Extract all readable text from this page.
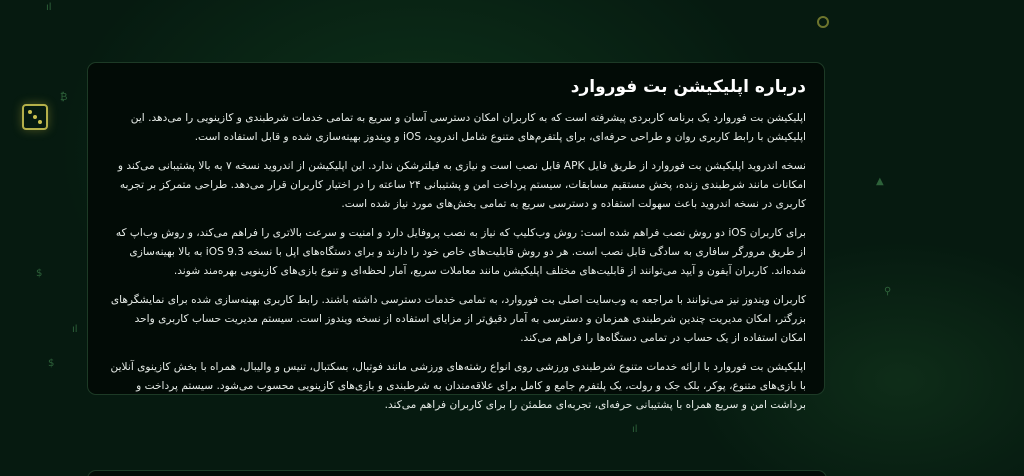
ıl
$
$
₿
▲
⚲
ıl
ıl
درباره اپلیکیشن بت فوروارد

اپلیکیشن بت فوروارد یک برنامه کاربردی پیشرفته است که به کاربران امکان دسترسی آسان و سریع به تمامی خدمات شرطبندی و کازینویی را می‌دهد. این اپلیکیشن با رابط کاربری روان و طراحی حرفه‌ای، برای پلتفرم‌های متنوع شامل اندروید، iOS و ویندوز بهینه‌سازی شده و قابل استفاده است.

نسخه اندروید اپلیکیشن بت فوروارد از طریق فایل APK قابل نصب است و نیازی به فیلترشکن ندارد. این اپلیکیشن از اندروید نسخه ۷ به بالا پشتیبانی می‌کند و امکانات مانند شرطبندی زنده، پخش مستقیم مسابقات، سیستم پرداخت امن و پشتیبانی ۲۴ ساعته را در اختیار کاربران قرار می‌دهد. طراحی متمرکز بر تجربه کاربری در نسخه اندروید باعث سهولت استفاده و دسترسی سریع به تمامی بخش‌های مورد نیاز شده است.

برای کاربران iOS دو روش نصب فراهم شده است: روش وب‌کلیپ که نیاز به نصب پروفایل دارد و امنیت و سرعت بالاتری را فراهم می‌کند، و روش وب‌اپ که از طریق مرورگر سافاری به سادگی قابل نصب است. هر دو روش قابلیت‌های خاص خود را دارند و برای دستگاه‌های اپل با نسخه iOS 9.3 به بالا بهینه‌سازی شده‌اند. کاربران آیفون و آیپد می‌توانند از قابلیت‌های مختلف اپلیکیشن مانند معاملات سریع، آمار لحظه‌ای و تنوع بازی‌های کازینویی بهره‌مند شوند.

کاربران ویندوز نیز می‌توانند با مراجعه به وب‌سایت اصلی بت فوروارد، به تمامی خدمات دسترسی داشته باشند. رابط کاربری بهینه‌سازی شده برای نمایشگرهای بزرگتر، امکان مدیریت چندین شرطبندی همزمان و دسترسی به آمار دقیق‌تر از مزایای استفاده از نسخه ویندوز است. سیستم مدیریت حساب کاربری واحد امکان استفاده از یک حساب در تمامی دستگاه‌ها را فراهم می‌کند.

اپلیکیشن بت فوروارد با ارائه خدمات متنوع شرطبندی ورزشی روی انواع رشته‌های ورزشی مانند فوتبال، بسکتبال، تنیس و والیبال، همراه با بخش کازینوی آنلاین با بازی‌های متنوع، پوکر، بلک جک و رولت، یک پلتفرم جامع و کامل برای علاقه‌مندان به شرطبندی و بازی‌های کازینویی محسوب می‌شود. سیستم پرداخت و برداشت امن و سریع همراه با پشتیبانی حرفه‌ای، تجربه‌ای مطمئن را برای کاربران فراهم می‌کند.
